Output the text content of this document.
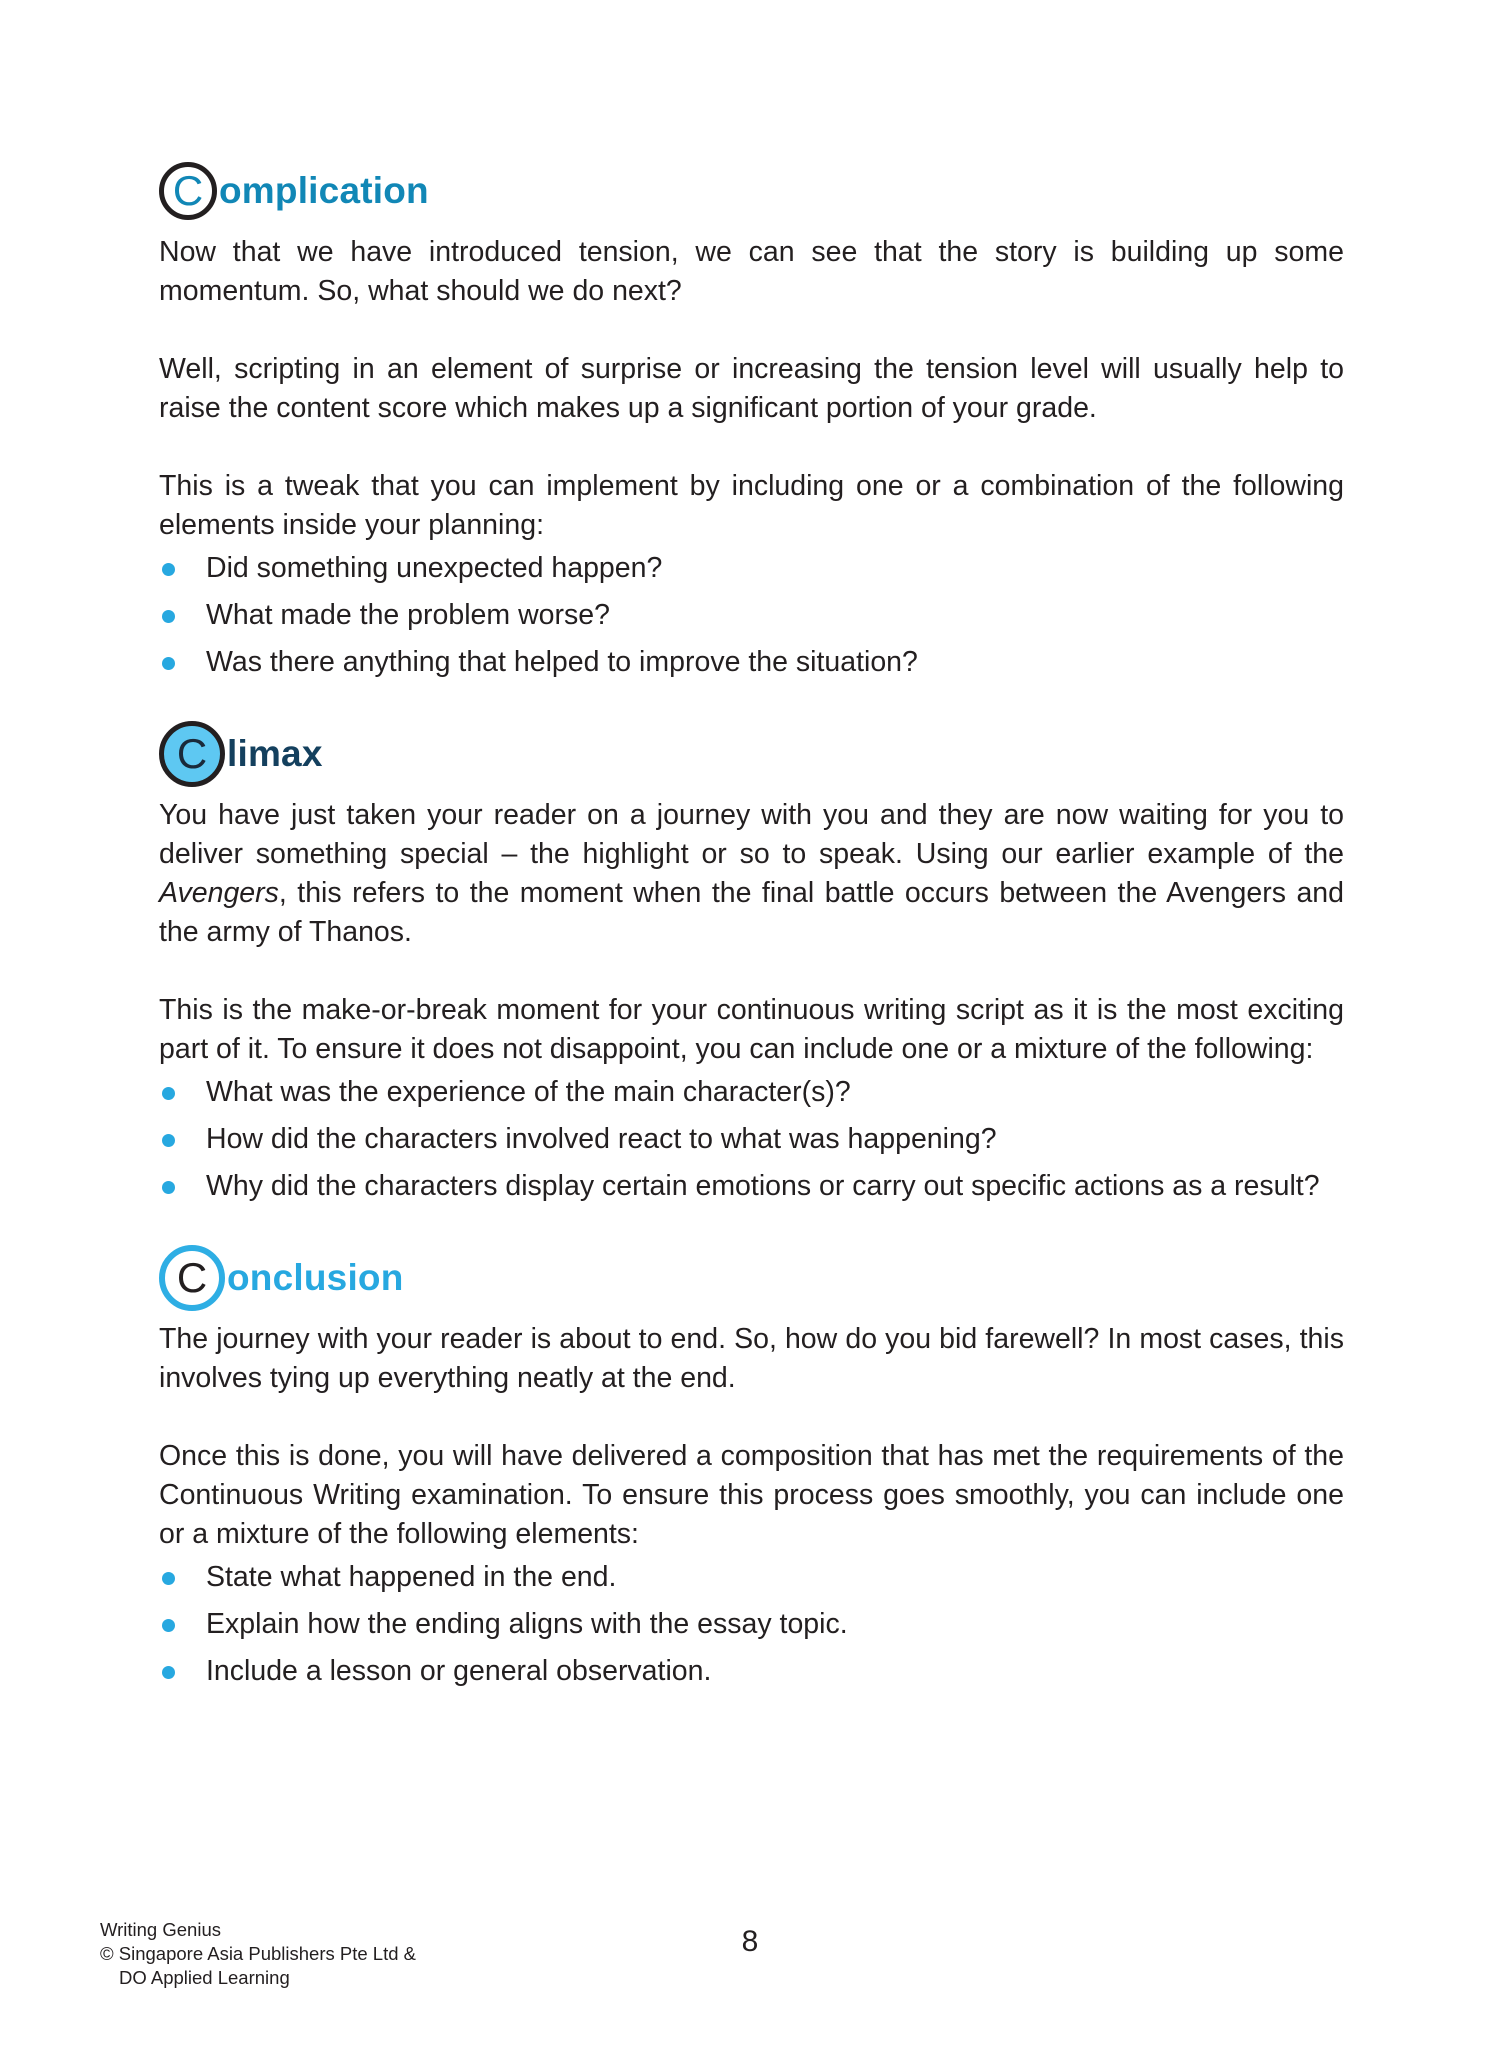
C omplication

Now that we have introduced tension, we can see that the story is building up some momentum. So, what should we do next?

Well, scripting in an element of surprise or increasing the tension level will usually help to raise the content score which makes up a significant portion of your grade.

This is a tweak that you can implement by including one or a combination of the following elements inside your planning:

Did something unexpected happen?
What made the problem worse?
Was there anything that helped to improve the situation?
C limax

You have just taken your reader on a journey with you and they are now waiting for you to deliver something special – the highlight or so to speak. Using our earlier example of the Avengers, this refers to the moment when the final battle occurs between the Avengers and the army of Thanos.

This is the make-or-break moment for your continuous writing script as it is the most exciting part of it. To ensure it does not disappoint, you can include one or a mixture of the following:

What was the experience of the main character(s)?
How did the characters involved react to what was happening?
Why did the characters display certain emotions or carry out specific actions as a result?
C onclusion

The journey with your reader is about to end. So, how do you bid farewell? In most cases, this involves tying up everything neatly at the end.

Once this is done, you will have delivered a composition that has met the requirements of the Continuous Writing examination. To ensure this process goes smoothly, you can include one or a mixture of the following elements:

State what happened in the end.
Explain how the ending aligns with the essay topic.
Include a lesson or general observation.
Writing Genius
© Singapore Asia Publishers Pte Ltd &
DO Applied Learning
8
